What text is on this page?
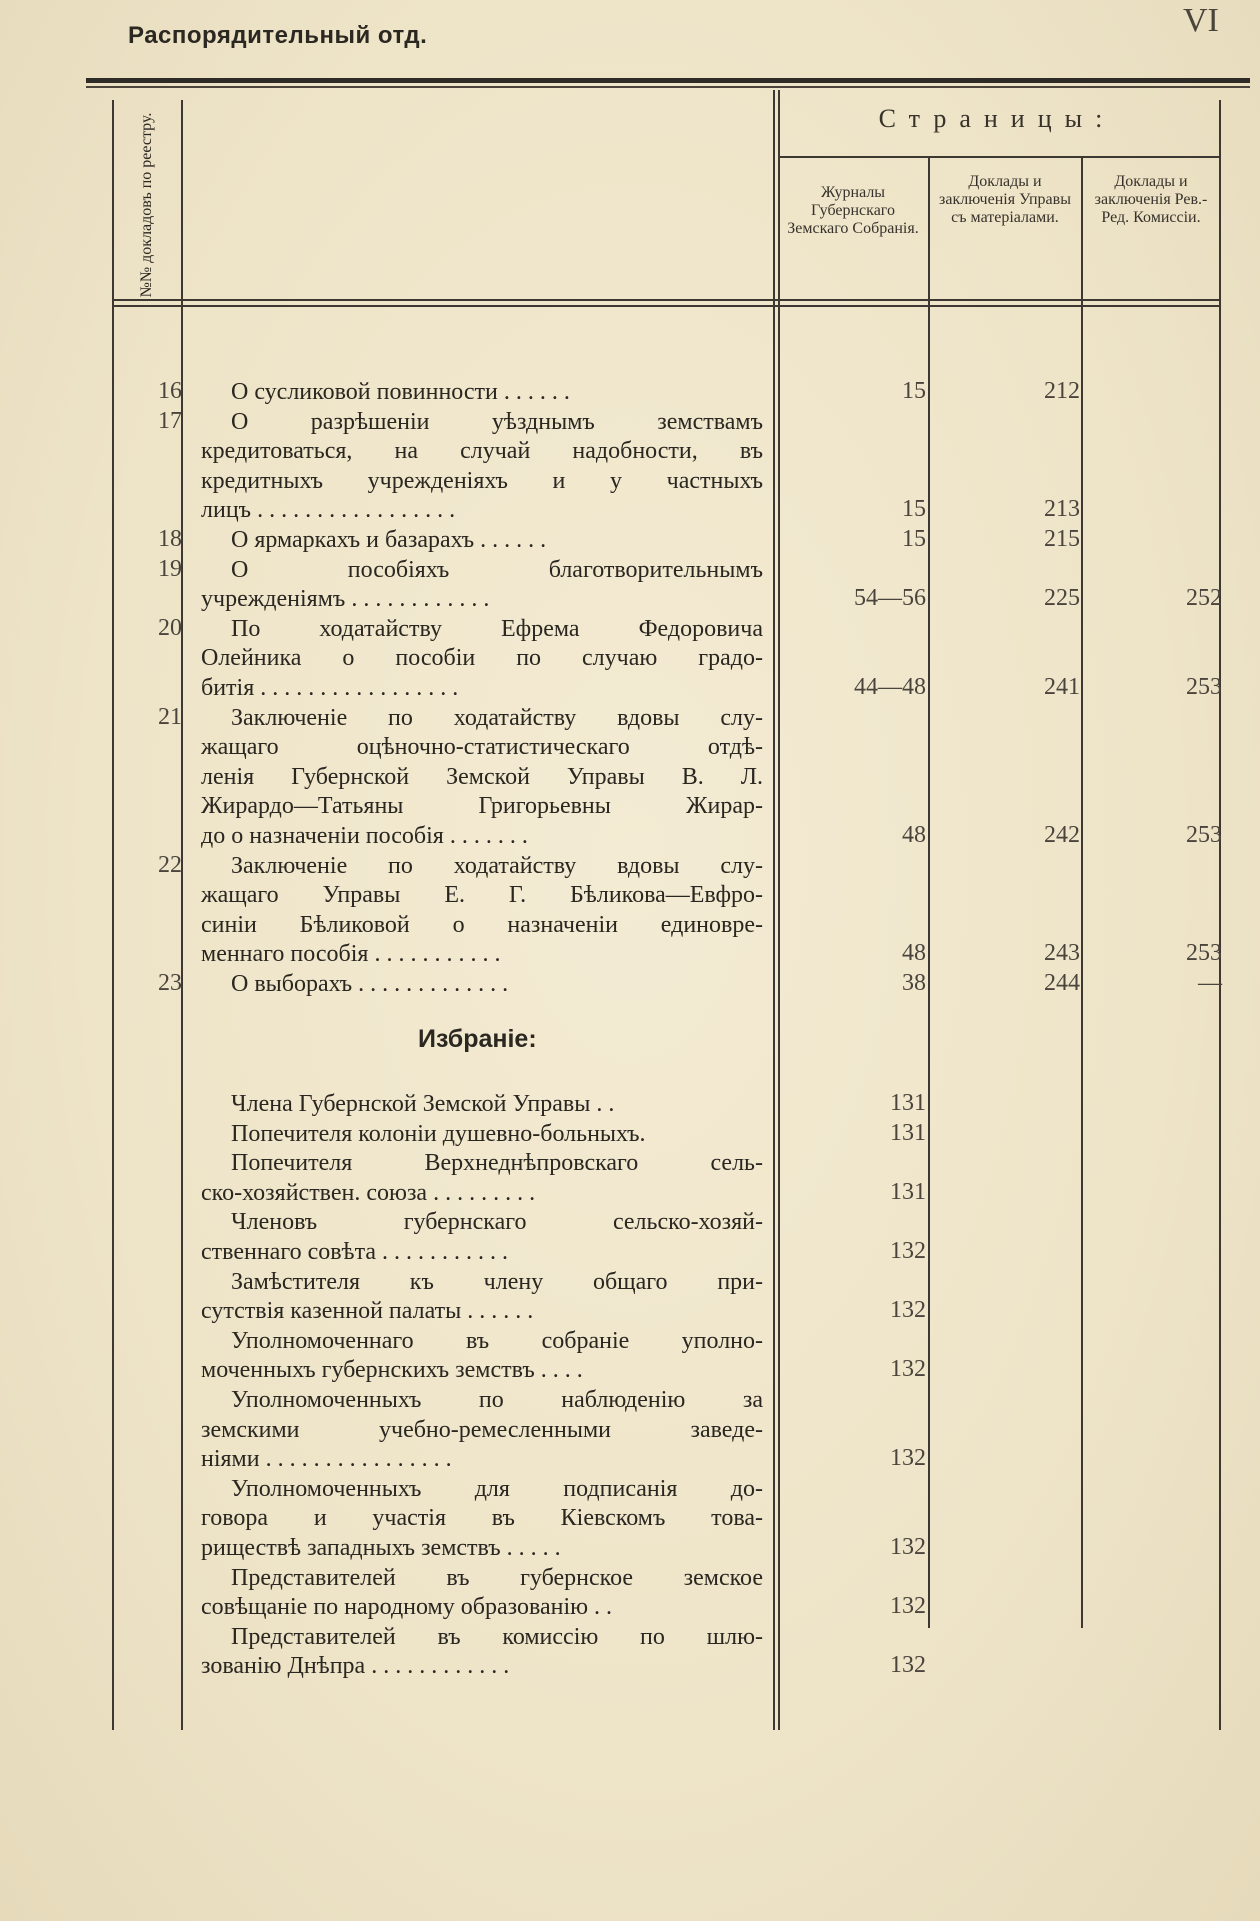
Распорядительный отд.	VI
№№ докладовъ по реестру.	Страницы:
Журналы Губернскаго Земскаго Собранія.
Доклады и заключенія Управы съ матеріалами.
Доклады и заключенія Рев.-Ред. Комиссіи.
16 О сусликовой повинности . . . . . .	15	212
17 О разрѣшеніи уѣзднымъ земствамъ
кредитоваться, на случай надобности, въ
кредитныхъ учрежденіяхъ и у частныхъ
лицъ . . . . . . . . . . . . . . . . .	15	213
18 О ярмаркахъ и базарахъ . . . . . .	15	215
19 О пособіяхъ благотворительнымъ
учрежденіямъ . . . . . . . . . . . .	54—56	225	252
20 По ходатайству Ефрема Федоровича
Олейника о пособіи по случаю градо-
битія . . . . . . . . . . . . . . . . .	44—48	241	253
21 Заключеніе по ходатайству вдовы слу-
жащаго оцѣночно-статистическаго отдѣ-
ленія Губернской Земской Управы В. Л.
Жирардо—Татьяны Григорьевны Жирар-
до о назначеніи пособія . . . . . . .	48	242	253
22 Заключеніе по ходатайству вдовы слу-
жащаго Управы Е. Г. Бѣликова—Евфро-
синіи Бѣликовой о назначеніи единовре-
меннаго пособія . . . . . . . . . . .	48	243	253
23 О выборахъ . . . . . . . . . . . . .	38	244	—
Избраніе:
Члена Губернской Земской Управы . .	131
Попечителя колоніи душевно-больныхъ.	131
Попечителя Верхнеднѣпровскаго сель-
ско-хозяйствен. союза . . . . . . . . .	131
Членовъ губернскаго сельско-хозяй-
ственнаго совѣта . . . . . . . . . . .	132
Замѣстителя къ члену общаго при-
сутствія казенной палаты . . . . . .	132
Уполномоченнаго въ собраніе уполно-
моченныхъ губернскихъ земствъ . . . .	132
Уполномоченныхъ по наблюденію за
земскими учебно-ремесленными заведе-
ніями . . . . . . . . . . . . . . . .	132
Уполномоченныхъ для подписанія до-
говора и участія въ Кіевскомъ това-
риществѣ западныхъ земствъ . . . . .	132
Представителей въ губернское земское
совѣщаніе по народному образованію . .	132
Представителей въ комиссію по шлю-
зованію Днѣпра . . . . . . . . . . . .	132
